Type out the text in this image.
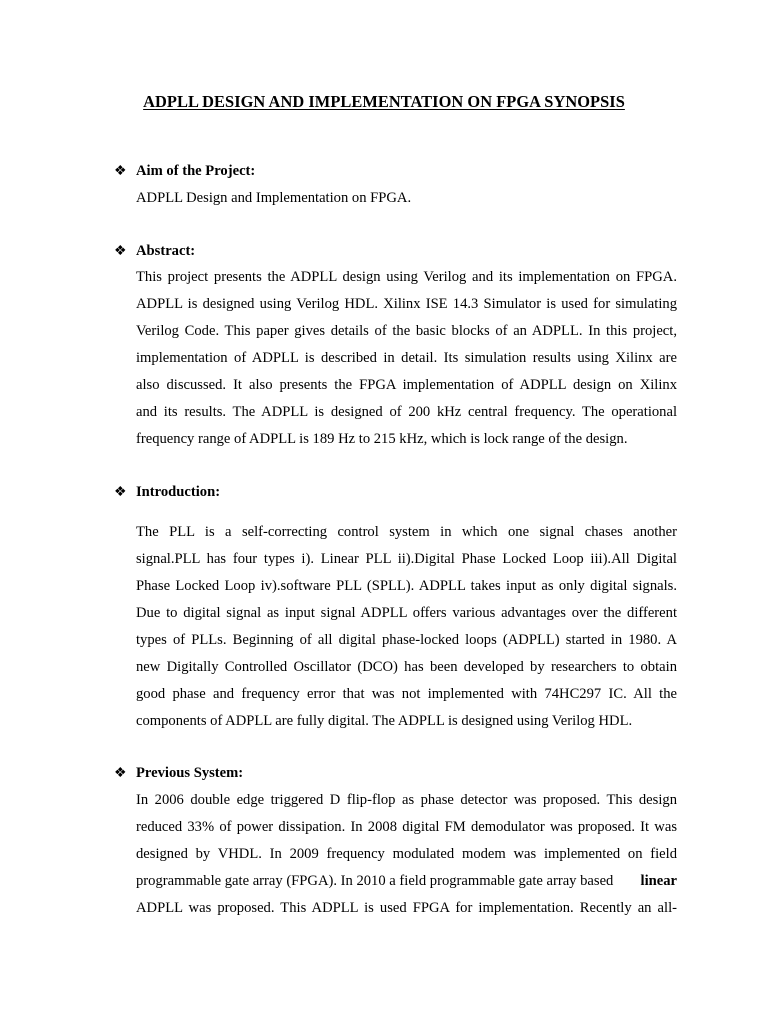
ADPLL DESIGN AND IMPLEMENTATION ON FPGA SYNOPSIS
❖ Aim of the Project:
ADPLL Design and Implementation on FPGA.
❖ Abstract:
This project presents the ADPLL design using Verilog and its implementation on FPGA.
ADPLL is designed using Verilog HDL. Xilinx ISE 14.3 Simulator is used for simulating
Verilog Code. This paper gives details of the basic blocks of an ADPLL. In this project,
implementation of ADPLL is described in detail. Its simulation results using Xilinx are
also discussed. It also presents the FPGA implementation of ADPLL design on Xilinx
and its results. The ADPLL is designed of 200 kHz central frequency. The operational
frequency range of ADPLL is 189 Hz to 215 kHz, which is lock range of the design.
❖ Introduction:
The PLL is a self-correcting control system in which one signal chases another
signal.PLL has four types i). Linear PLL ii).Digital Phase Locked Loop iii).All Digital
Phase Locked Loop iv).software PLL (SPLL). ADPLL takes input as only digital signals.
Due to digital signal as input signal ADPLL offers various advantages over the different
types of PLLs. Beginning of all digital phase-locked loops (ADPLL) started in 1980. A
new Digitally Controlled Oscillator (DCO) has been developed by researchers to obtain
good phase and frequency error that was not implemented with 74HC297 IC. All the
components of ADPLL are fully digital. The ADPLL is designed using Verilog HDL.
❖ Previous System:
In 2006 double edge triggered D flip-flop as phase detector was proposed. This design
reduced 33% of power dissipation. In 2008 digital FM demodulator was proposed. It was
designed by VHDL. In 2009 frequency modulated modem was implemented on field
programmable gate array (FPGA). In 2010 a field programmable gate array based linear
ADPLL was proposed. This ADPLL is used FPGA for implementation. Recently an all-
